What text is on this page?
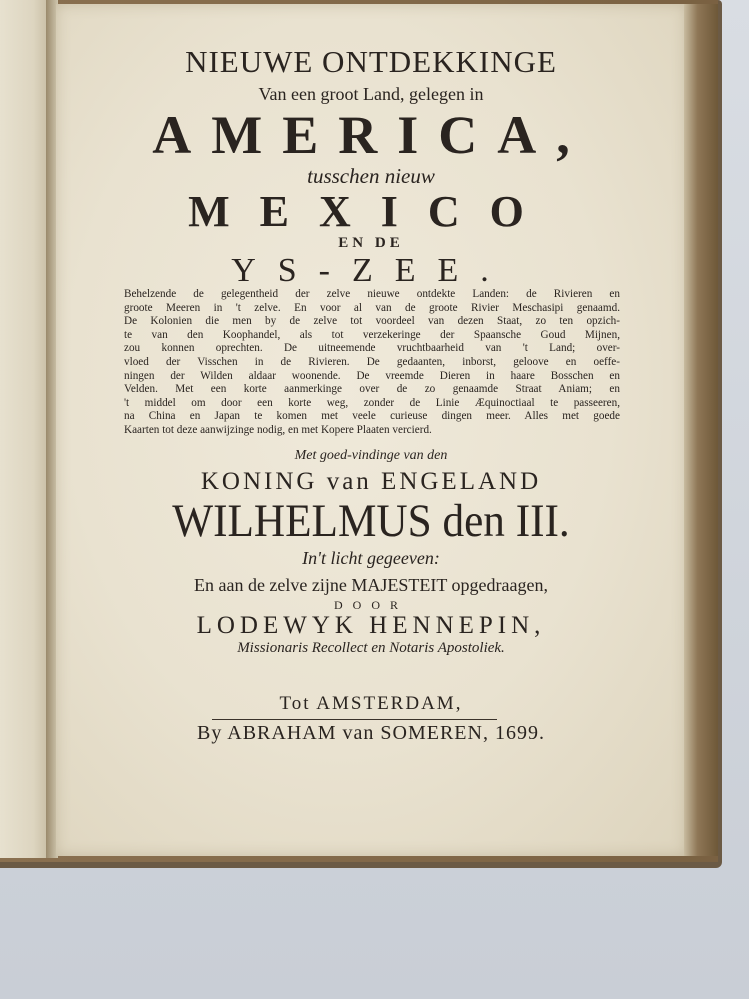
NIEUWE ONTDEKKINGE
Van een groot Land, gelegen in
AMERICA,
tusschen nieuw
MEXICO
EN DE
YS-ZEE.
Behelzende de gelegentheid der zelve nieuwe ontdekte Landen: de Rivieren en
groote Meeren in 't zelve. En voor al van de groote Rivier Meschasipi genaamd.
De Kolonien die men by de zelve tot voordeel van dezen Staat, zo ten opzich-
te van den Koophandel, als tot verzekeringe der Spaansche Goud Mijnen,
zou konnen oprechten. De uitneemende vruchtbaarheid van 't Land; over-
vloed der Visschen in de Rivieren. De gedaanten, inborst, geloove en oeffe-
ningen der Wilden aldaar woonende. De vreemde Dieren in haare Bosschen en
Velden. Met een korte aanmerkinge over de zo genaamde Straat Aniam; en
't middel om door een korte weg, zonder de Linie Æquinoctiaal te passeeren,
na China en Japan te komen met veele curieuse dingen meer. Alles met goede
Kaarten tot deze aanwijzinge nodig, en met Kopere Plaaten vercierd.
Met goed-vindinge van den
KONING van ENGELAND
WILHELMUS den III.
In't licht gegeeven:
En aan de zelve zijne MAJESTEIT opgedraagen,
DOOR
LODEWYK HENNEPIN,
Missionaris Recollect en Notaris Apostoliek.
Tot AMSTERDAM,
By ABRAHAM van SOMEREN, 1699.
